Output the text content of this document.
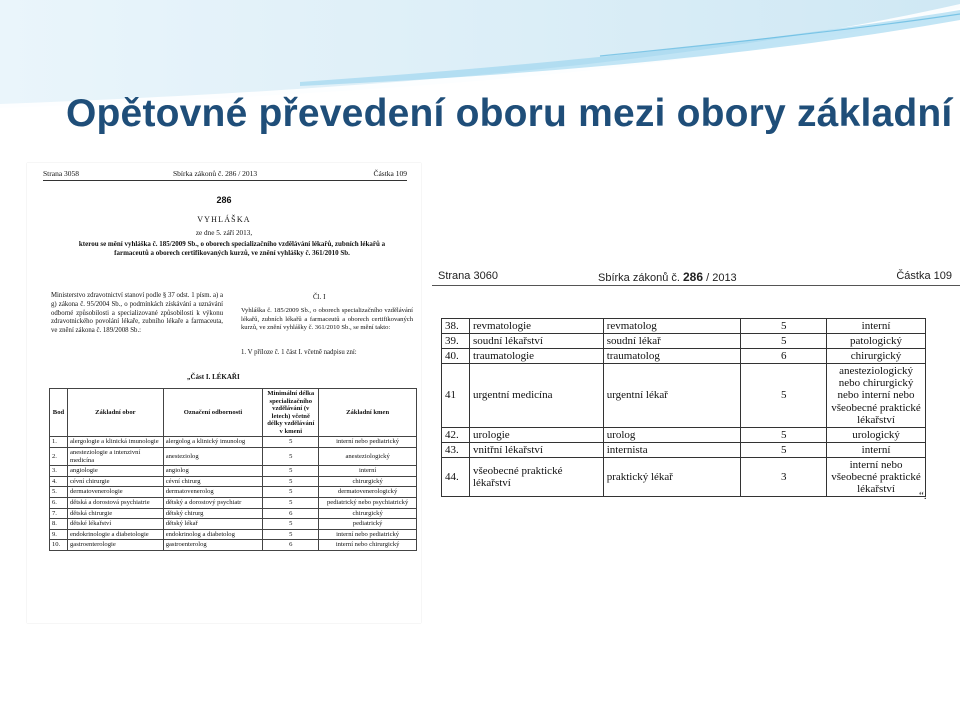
Opětovné převedení oboru mezi obory základní
Strana 3058	Sbírka zákonů č. 286 / 2013	Částka 109
286
VYHLÁŠKA
ze dne 5. září 2013,
kterou se mění vyhláška č. 185/2009 Sb., o oborech specializačního vzdělávání lékařů, zubních lékařů a farmaceutů a oborech certifikovaných kurzů, ve znění vyhlášky č. 361/2010 Sb.
Ministerstvo zdravotnictví stanoví podle § 37 odst. 1 písm. a) a g) zákona č. 95/2004 Sb., o podmínkách získávání a uznávání odborné způsobilosti a specializované způsobilosti k výkonu zdravotnického povolání lékaře, zubního lékaře a farmaceuta, ve znění zákona č. 189/2008 Sb.:
Čl. I
Vyhláška č. 185/2009 Sb., o oborech specializačního vzdělávání lékařů, zubních lékařů a farmaceutů a oborech certifikovaných kurzů, ve znění vyhlášky č. 361/2010 Sb., se mění takto:
1. V příloze č. 1 část I. včetně nadpisu zní:
„Část I. LÉKAŘI
Bod	Základní obor	Označení odbornosti	Minimální délka specializačního vzdělávání (v letech) včetně délky vzdělávání v kmeni	Základní kmen
1.	alergologie a klinická imunologie	alergolog a klinický imunolog	5	interní nebo pediatrický
2.	anesteziologie a intenzivní medicína	anesteziolog	5	anesteziologický
3.	angiologie	angiolog	5	interní
4.	cévní chirurgie	cévní chirurg	5	chirurgický
5.	dermatovenerologie	dermatovenerolog	5	dermatovenerologický
6.	dětská a dorostová psychiatrie	dětský a dorostový psychiatr	5	pediatrický nebo psychiatrický
7.	dětská chirurgie	dětský chirurg	6	chirurgický
8.	dětské lékařství	dětský lékař	5	pediatrický
9.	endokrinologie a diabetologie	endokrinolog a diabetolog	5	interní nebo pediatrický
10.	gastroenterologie	gastroenterolog	6	interní nebo chirurgický
Strana 3060	Sbírka zákonů č. 286 / 2013	Částka 109
38.	revmatologie	revmatolog	5	interní
39.	soudní lékařství	soudní lékař	5	patologický
40.	traumatologie	traumatolog	6	chirurgický
41	urgentní medicína	urgentní lékař	5	anesteziologický nebo chirurgický nebo interní nebo všeobecné praktické lékařství
42.	urologie	urolog	5	urologický
43.	vnitřní lékařství	internista	5	interní
44.	všeobecné praktické lékařství	praktický lékař	3	interní nebo všeobecné praktické lékařství
“.
